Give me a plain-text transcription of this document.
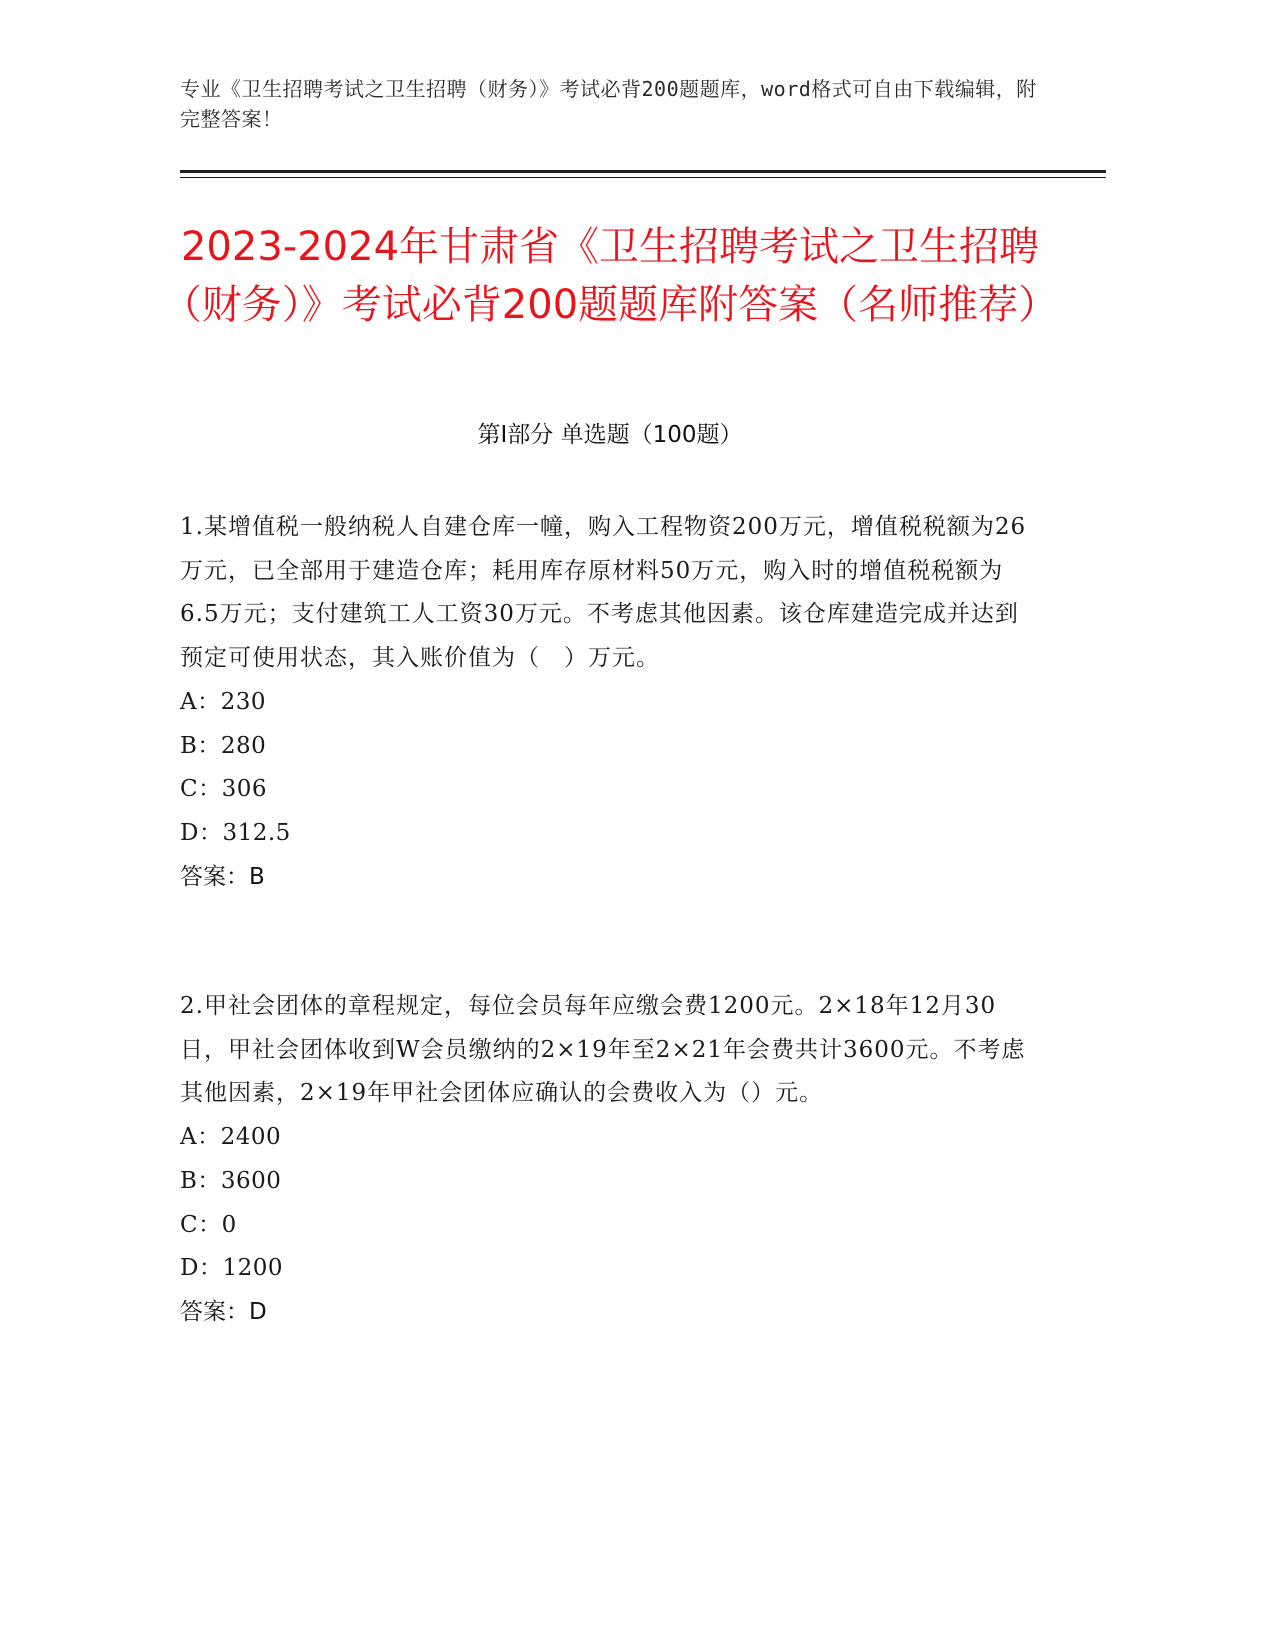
专业《卫生招聘考试之卫生招聘（财务）》考试必背200题题库，word格式可自由下载编辑，附完整答案！
2023-2024年甘肃省《卫生招聘考试之卫生招聘（财务）》考试必背200题题库附答案（名师推荐）
第Ⅰ部分 单选题（100题）

1.某增值税一般纳税人自建仓库一幢，购入工程物资200万元，增值税税额为26万元，已全部用于建造仓库；耗用库存原材料50万元，购入时的增值税税额为6.5万元；支付建筑工人工资30万元。不考虑其他因素。该仓库建造完成并达到预定可使用状态，其入账价值为（　）万元。

A：230

B：280

C：306

D：312.5

答案：B

2.甲社会团体的章程规定，每位会员每年应缴会费1200元。2×18年12月30日，甲社会团体收到W会员缴纳的2×19年至2×21年会费共计3600元。不考虑其他因素，2×19年甲社会团体应确认的会费收入为（）元。

A：2400

B：3600

C：0

D：1200

答案：D
